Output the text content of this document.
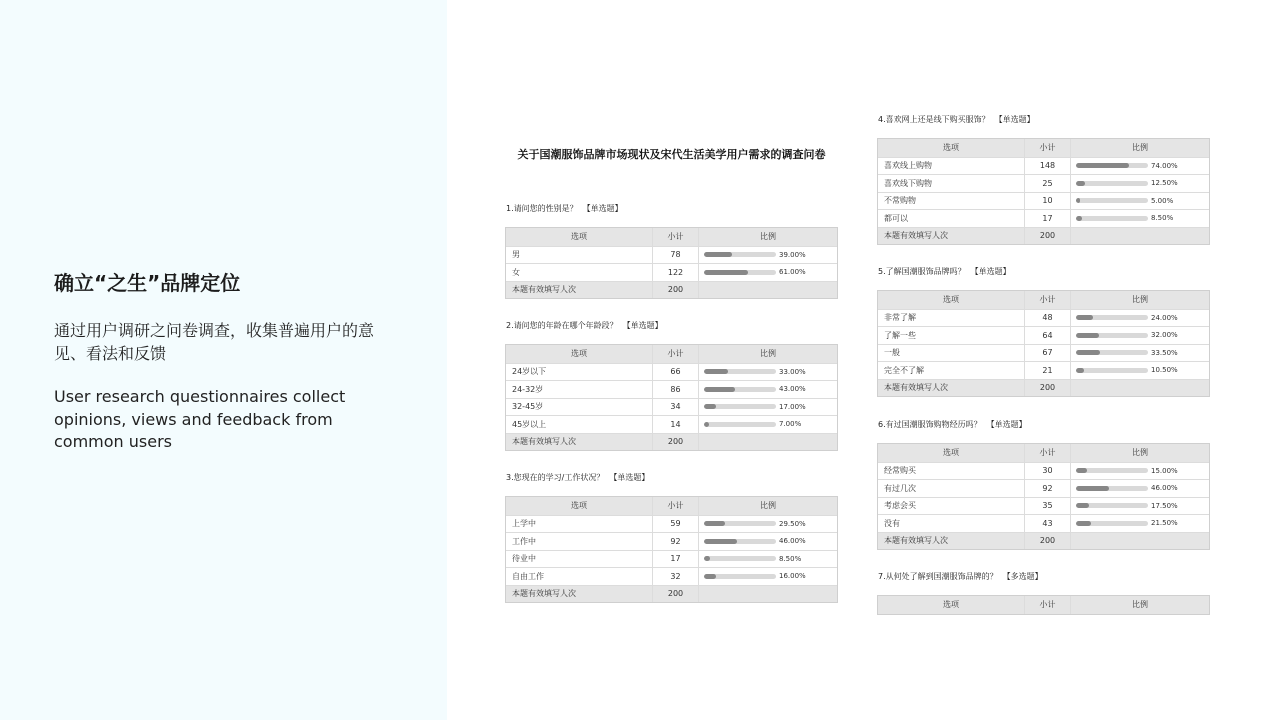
确立“之生”品牌定位
通过用户调研之问卷调查，收集普遍用户的意
见、看法和反馈
User research questionnaires collect
opinions, views and feedback from
common users
关于国潮服饰品牌市场现状及宋代生活美学用户需求的调查问卷
1.请问您的性别是？ 【单选题】
选项	小计	比例
男	78	39.00%
女	122	61.00%
本题有效填写人次	200
2.请问您的年龄在哪个年龄段？ 【单选题】
选项	小计	比例
24岁以下	66	33.00%
24-32岁	86	43.00%
32-45岁	34	17.00%
45岁以上	14	7.00%
本题有效填写人次	200
3.您现在的学习/工作状况？ 【单选题】
选项	小计	比例
上学中	59	29.50%
工作中	92	46.00%
待业中	17	8.50%
自由工作	32	16.00%
本题有效填写人次	200
4.喜欢网上还是线下购买服饰？ 【单选题】
选项	小计	比例
喜欢线上购物	148	74.00%
喜欢线下购物	25	12.50%
不常购物	10	5.00%
都可以	17	8.50%
本题有效填写人次	200
5.了解国潮服饰品牌吗？ 【单选题】
选项	小计	比例
非常了解	48	24.00%
了解一些	64	32.00%
一般	67	33.50%
完全不了解	21	10.50%
本题有效填写人次	200
6.有过国潮服饰购物经历吗？ 【单选题】
选项	小计	比例
经常购买	30	15.00%
有过几次	92	46.00%
考虑会买	35	17.50%
没有	43	21.50%
本题有效填写人次	200
7.从何处了解到国潮服饰品牌的？ 【多选题】
选项	小计	比例
